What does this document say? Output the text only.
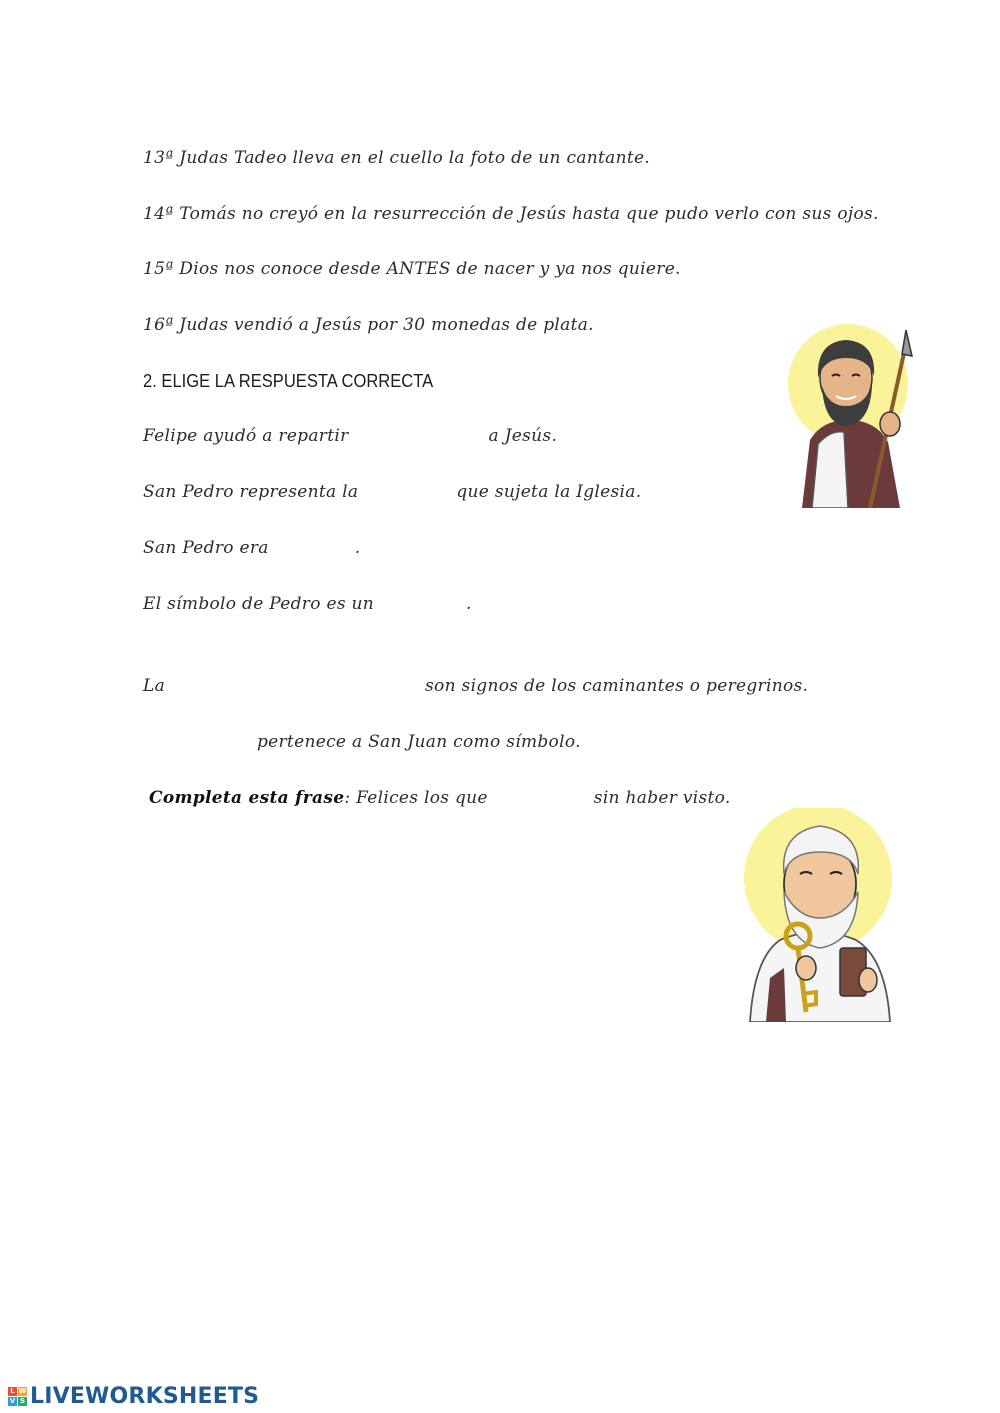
13ª Judas Tadeo lleva en el cuello la foto de un cantante.
14ª Tomás no creyó en la resurrección de Jesús hasta que pudo verlo con sus ojos.
15ª Dios nos conoce desde ANTES de nacer y ya nos quiere.
16ª Judas vendió a Jesús por 30 monedas de plata.
2. ELIGE LA RESPUESTA CORRECTA
Felipe ayudó a repartir	a Jesús.
San Pedro representa la	que sujeta la Iglesia.
San Pedro era	.
El símbolo de Pedro es un	.
La	son signos de los caminantes o peregrinos.
pertenece a San Juan como símbolo.
Completa esta frase: Felices los que	sin haber visto.
L W
V S LIVEWORKSHEETS
